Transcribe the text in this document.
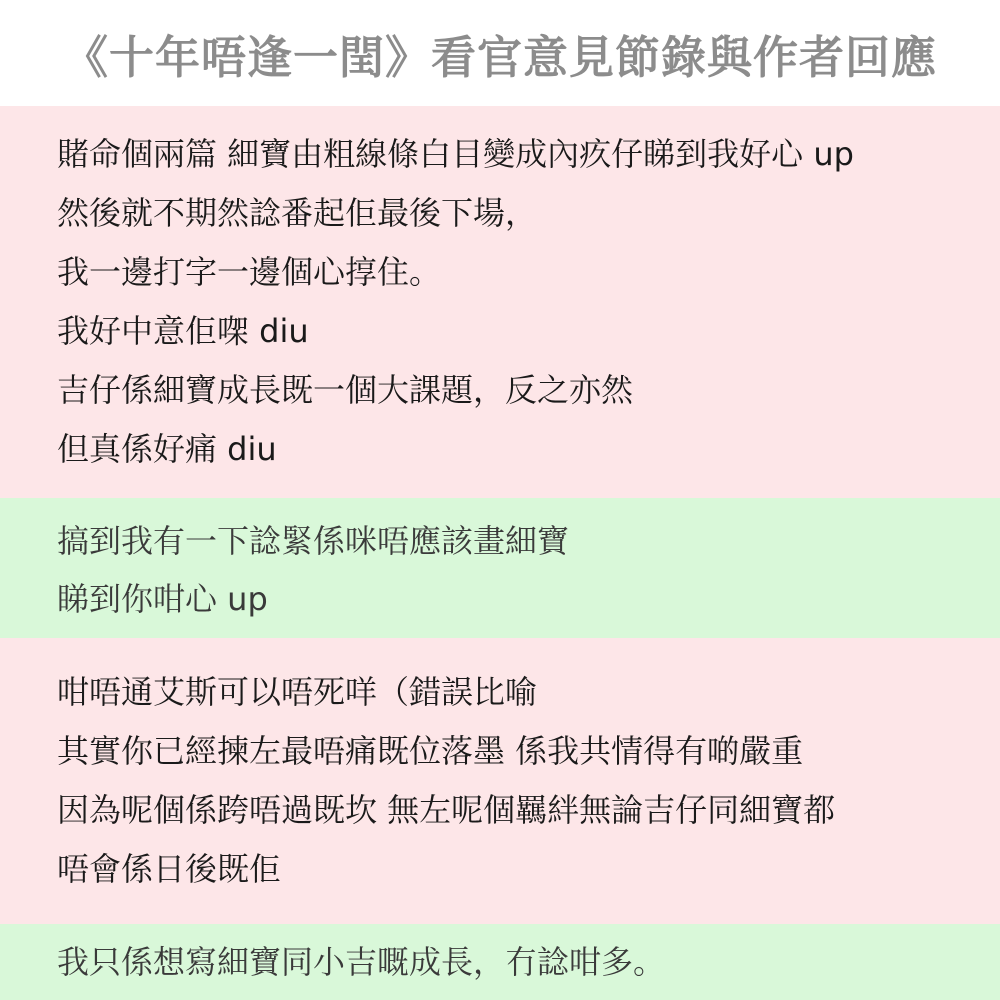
《十年唔逢一閏》看官意見節錄與作者回應
賭命個兩篇 細寶由粗線條白目變成內疚仔睇到我好心 up
然後就不期然諗番起佢最後下場，
我一邊打字一邊個心㨃住。
我好中意佢㗎 diu
吉仔係細寶成長既一個大課題，反之亦然
但真係好痛 diu
搞到我有一下諗緊係咪唔應該畫細寶
睇到你咁心 up
咁唔通艾斯可以唔死咩（錯誤比喻
其實你已經揀左最唔痛既位落墨 係我共情得有啲嚴重
因為呢個係跨唔過既坎 無左呢個羈絆無論吉仔同細寶都
唔會係日後既佢
我只係想寫細寶同小吉嘅成長，冇諗咁多。
